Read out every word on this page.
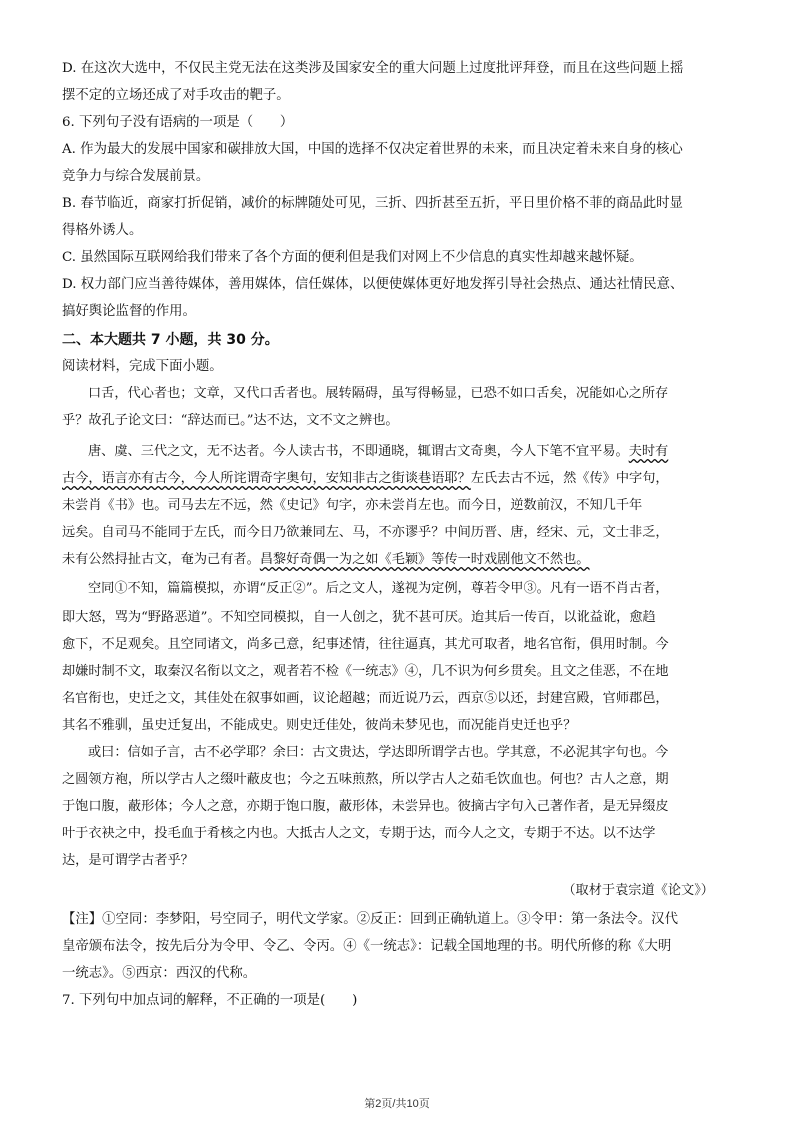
D. 在这次大选中，不仅民主党无法在这类涉及国家安全的重大问题上过度批评拜登，而且在这些问题上摇
摆不定的立场还成了对手攻击的靶子。
6. 下列句子没有语病的一项是（　　）
A. 作为最大的发展中国家和碳排放大国，中国的选择不仅决定着世界的未来，而且决定着未来自身的核心
竞争力与综合发展前景。
B. 春节临近，商家打折促销，减价的标牌随处可见，三折、四折甚至五折，平日里价格不菲的商品此时显
得格外诱人。
C. 虽然国际互联网给我们带来了各个方面的便利但是我们对网上不少信息的真实性却越来越怀疑。
D. 权力部门应当善待媒体，善用媒体，信任媒体，以便使媒体更好地发挥引导社会热点、通达社情民意、
搞好舆论监督的作用。
二、本大题共 7 小题，共 30 分。
阅读材料，完成下面小题。
口舌，代心者也；文章，又代口舌者也。展转隔碍，虽写得畅显，已恐不如口舌矣，况能如心之所存
乎？故孔子论文曰：“辞达而已。”达不达，文不文之辨也。
唐、虞、三代之文，无不达者。今人读古书，不即通晓，辄谓古文奇奥，今人下笔不宜平易。夫时有
古今，语言亦有古今，今人所诧谓奇字奥句，安知非古之街谈巷语耶？左氏去古不远，然《传》中字句，
未尝肖《书》也。司马去左不远，然《史记》句字，亦未尝肖左也。而今日，逆数前汉，不知几千年
远矣。自司马不能同于左氏，而今日乃欲兼同左、马，不亦谬乎？中间历晋、唐，经宋、元，文士非乏，
未有公然挦扯古文，奄为己有者。昌黎好奇偶一为之如《毛颖》等传一时戏剧他文不然也。
空同①不知，篇篇模拟，亦谓“反正②”。后之文人，遂视为定例，尊若令甲③。凡有一语不肖古者，
即大怒，骂为“野路恶道”。不知空同模拟，自一人创之，犹不甚可厌。迨其后一传百，以讹益讹，愈趋
愈下，不足观矣。且空同诸文，尚多己意，纪事述情，往往逼真，其尤可取者，地名官衔，俱用时制。今
却嫌时制不文，取秦汉名衔以文之，观者若不检《一统志》④，几不识为何乡贯矣。且文之佳恶，不在地
名官衔也，史迁之文，其佳处在叙事如画，议论超越；而近说乃云，西京⑤以还，封建宫殿，官师郡邑，
其名不雅驯，虽史迁复出，不能成史。则史迁佳处，彼尚未梦见也，而况能肖史迁也乎？
或曰：信如子言，古不必学耶？余曰：古文贵达，学达即所谓学古也。学其意，不必泥其字句也。今
之圆领方袍，所以学古人之缀叶蔽皮也；今之五味煎熬，所以学古人之茹毛饮血也。何也？古人之意，期
于饱口腹，蔽形体；今人之意，亦期于饱口腹，蔽形体，未尝异也。彼摘古字句入己著作者，是无异缀皮
叶于衣袂之中，投毛血于肴核之内也。大抵古人之文，专期于达，而今人之文，专期于不达。以不达学
达，是可谓学古者乎？
（取材于袁宗道《论文》）
【注】①空同：李梦阳，号空同子，明代文学家。②反正：回到正确轨道上。③令甲：第一条法令。汉代
皇帝颁布法令，按先后分为令甲、令乙、令丙。④《一统志》：记载全国地理的书。明代所修的称《大明
一统志》。⑤西京：西汉的代称。
7. 下列句中加点词的解释，不正确的一项是(　　)
第2页/共10页
